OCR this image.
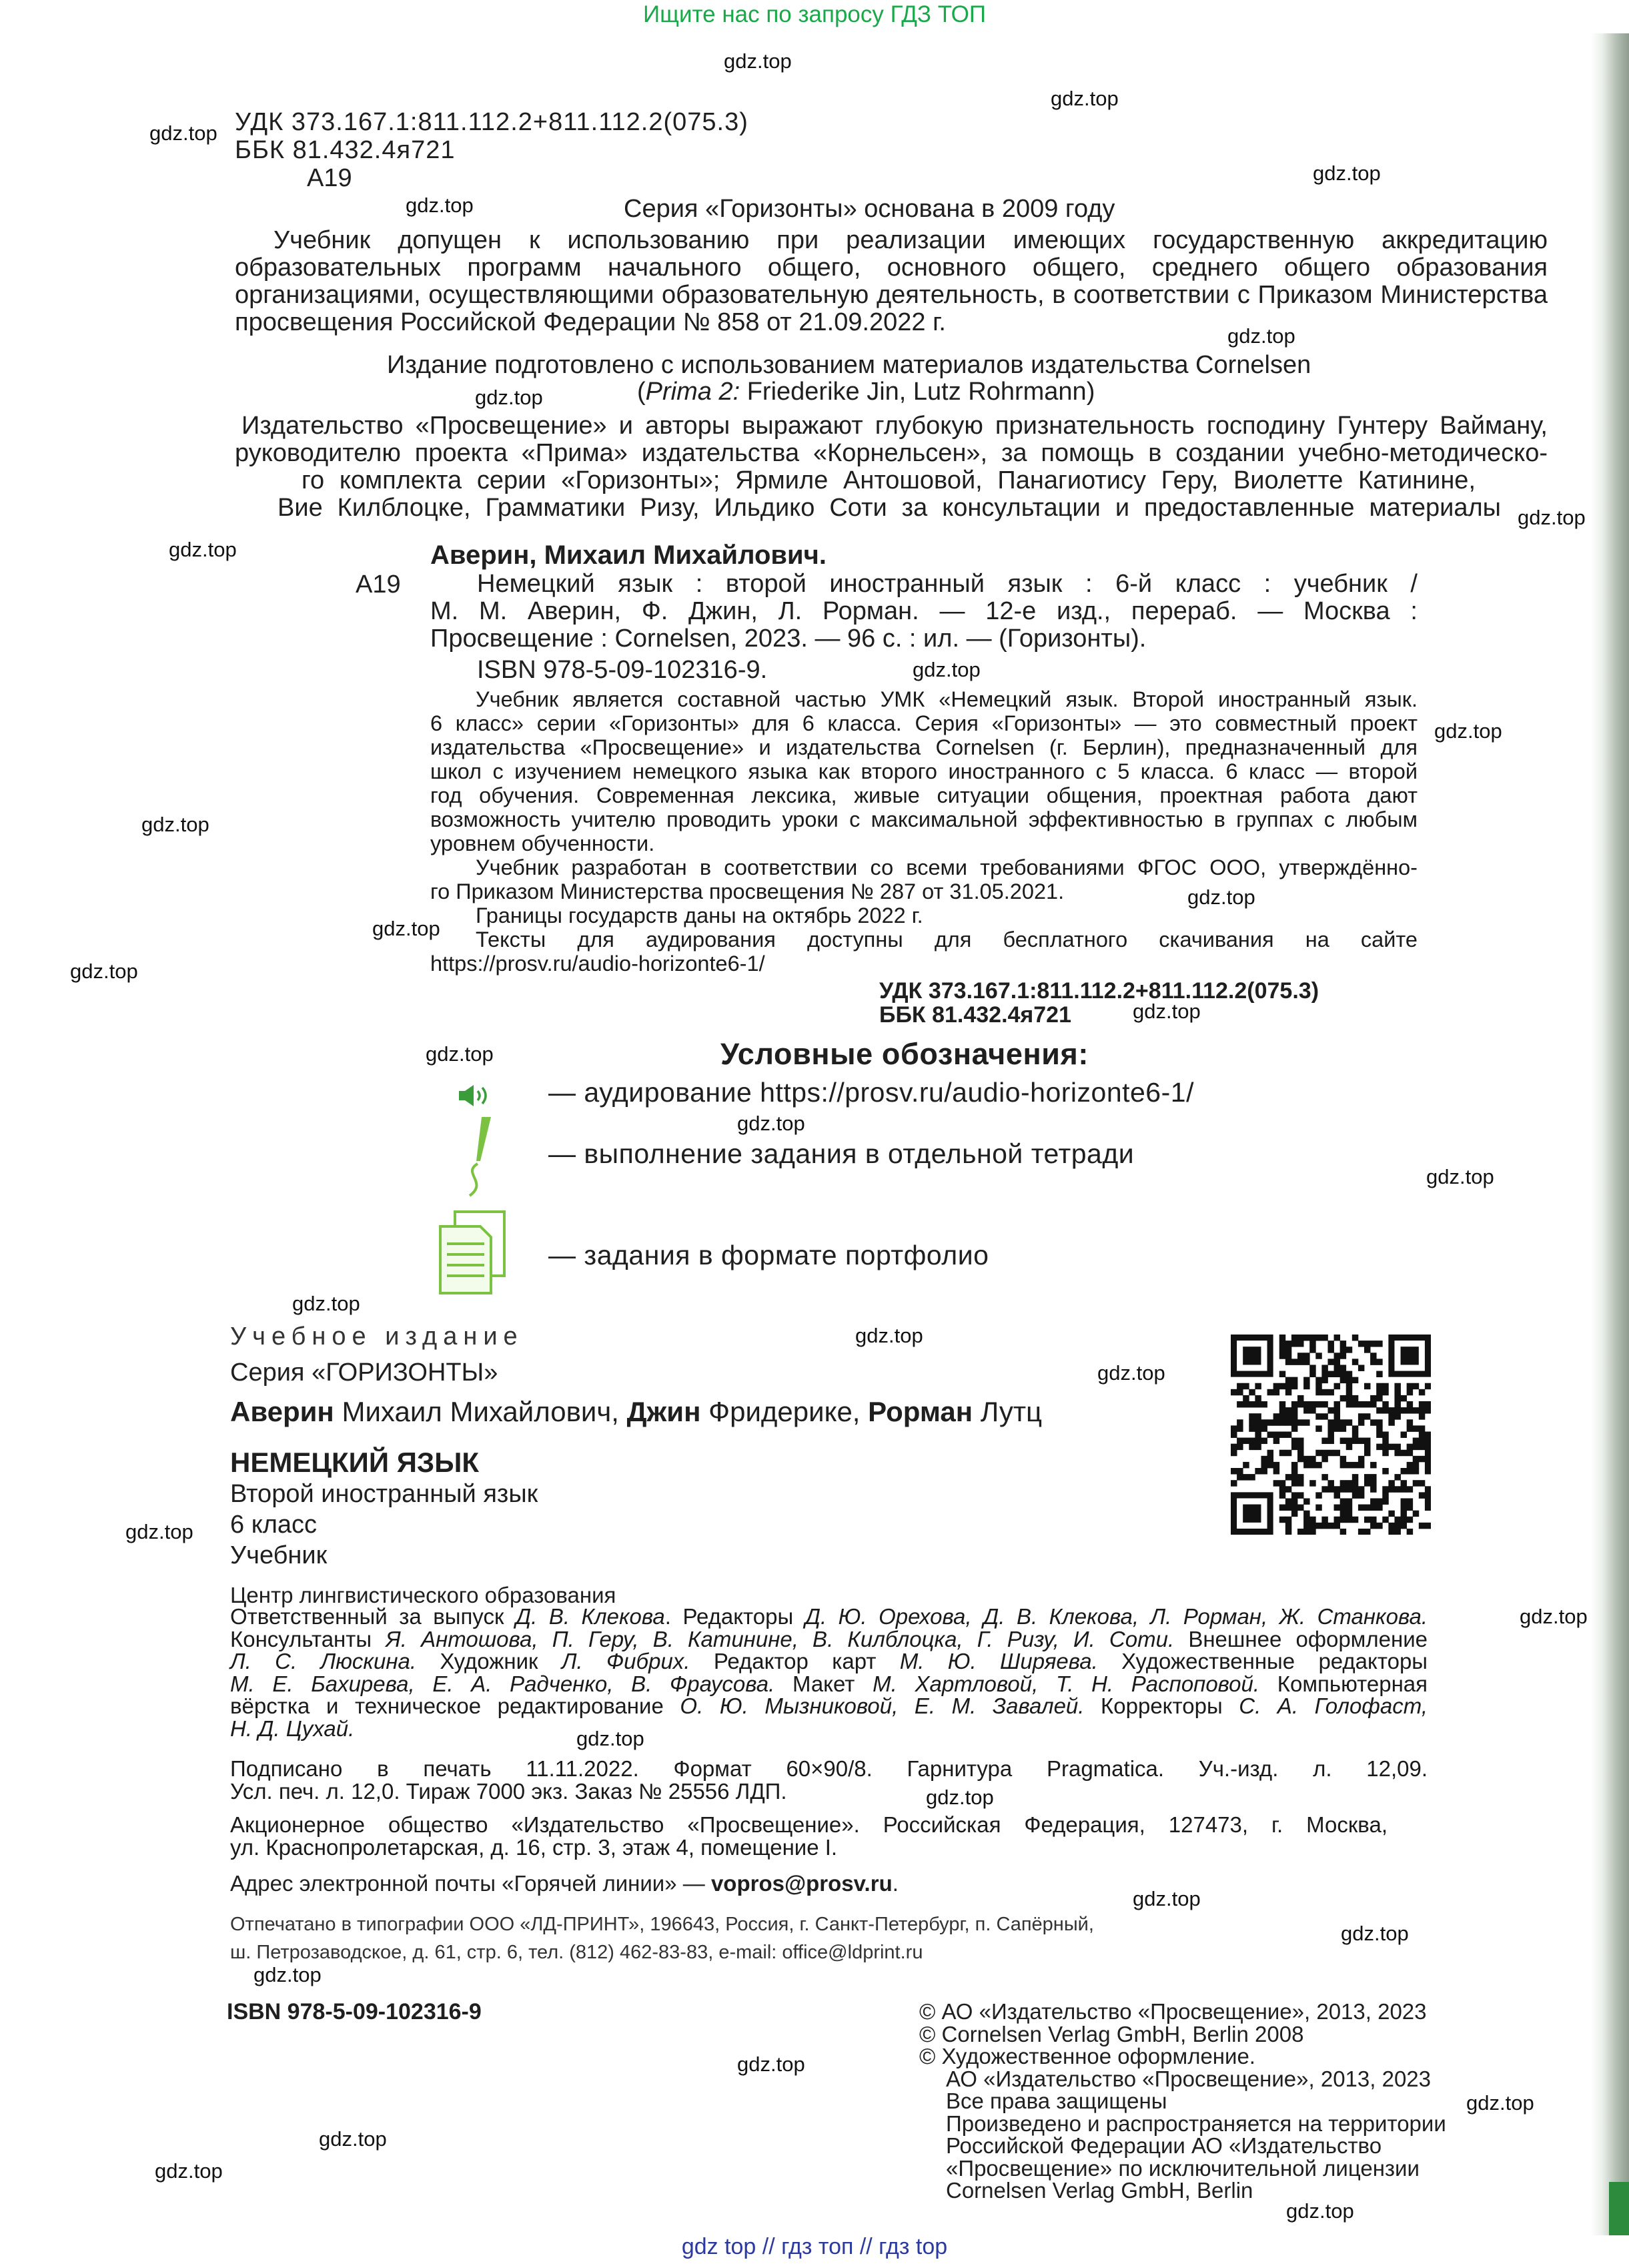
Ищите нас по запросу ГДЗ ТОП
gdz.top
gdz.top
gdz.top
gdz.top
gdz.top
gdz.top
gdz.top
gdz.top
gdz.top
gdz.top
gdz.top
gdz.top
gdz.top
gdz.top
gdz.top
gdz.top
gdz.top
gdz.top
gdz.top
gdz.top
gdz.top
gdz.top
gdz.top
gdz.top
gdz.top
gdz.top
gdz.top
gdz.top
gdz.top
gdz.top
gdz.top
gdz.top
gdz.top
gdz.top
УДК 373.167.1:811.112.2+811.112.2(075.3)
ББК 81.432.4я721
А19
Серия «Горизонты» основана в 2009 году
Учебник допущен к использованию при реализации имеющих государственную аккредитацию
образовательных программ начального общего, основного общего, среднего общего образования
организациями, осуществляющими образовательную деятельность, в соответствии с Приказом Министерства
просвещения Российской Федерации № 858 от 21.09.2022 г.
Издание подготовлено с использованием материалов издательства Cornelsen
(Prima 2: Friederike Jin, Lutz Rohrmann)
Издательство «Просвещение» и авторы выражают глубокую признательность господину Гунтеру Вайману,
руководителю проекта «Прима» издательства «Корнельсен», за помощь в создании учебно-методическо-
го комплекта серии «Горизонты»; Ярмиле Антошовой, Панагиотису Геру, Виолетте Катинине,
Вие Килблоцке, Грамматики Ризу, Ильдико Соти за консультации и предоставленные материалы
Аверин, Михаил Михайлович.
А19	Немецкий язык : второй иностранный язык : 6-й класс : учебник /
М. М. Аверин, Ф. Джин, Л. Рорман. — 12-е изд., перераб. — Москва :
Просвещение : Cornelsen, 2023. — 96 с. : ил. — (Горизонты).
ISBN 978-5-09-102316-9.
Учебник является составной частью УМК «Немецкий язык. Второй иностранный язык.
6 класс» серии «Горизонты» для 6 класса. Серия «Горизонты» — это совместный проект
издательства «Просвещение» и издательства Cornelsen (г. Берлин), предназначенный для
школ с изучением немецкого языка как второго иностранного с 5 класса. 6 класс — второй
год обучения. Современная лексика, живые ситуации общения, проектная работа дают
возможность учителю проводить уроки с максимальной эффективностью в группах с любым
уровнем обученности.
Учебник разработан в соответствии со всеми требованиями ФГОС ООО, утверждённо-
го Приказом Министерства просвещения № 287 от 31.05.2021.
Границы государств даны на октябрь 2022 г.
Тексты для аудирования доступны для бесплатного скачивания на сайте
https://prosv.ru/audio-horizonte6-1/
УДК 373.167.1:811.112.2+811.112.2(075.3)
ББК 81.432.4я721
Условные обозначения:
— аудирование https://prosv.ru/audio-horizonte6-1/
— выполнение задания в отдельной тетради
— задания в формате портфолио
Учебное издание
Серия «ГОРИЗОНТЫ»
Аверин Михаил Михайлович, Джин Фридерике, Рорман Лутц
НЕМЕЦКИЙ ЯЗЫК
Второй иностранный язык
6 класс
Учебник
Центр лингвистического образования
Ответственный за выпуск Д. В. Клекова. Редакторы Д. Ю. Орехова, Д. В. Клекова, Л. Рорман, Ж. Станкова.
Консультанты Я. Антошова, П. Геру, В. Катинине, В. Килблоцка, Г. Ризу, И. Соти. Внешнее оформление
Л. С. Люскина. Художник Л. Фибрих. Редактор карт М. Ю. Ширяева. Художественные редакторы
М. Е. Бахирева, Е. А. Радченко, В. Фраусова. Макет М. Хартловой, Т. Н. Распоповой. Компьютерная
вёрстка и техническое редактирование О. Ю. Мызниковой, Е. М. Завалей. Корректоры С. А. Голофаст,
Н. Д. Цухай.
Подписано в печать 11.11.2022. Формат 60×90/8. Гарнитура Pragmatica. Уч.-изд. л. 12,09.
Усл. печ. л. 12,0. Тираж 7000 экз. Заказ № 25556 ЛДП.
Акционерное общество «Издательство «Просвещение». Российская Федерация, 127473, г. Москва,
ул. Краснопролетарская, д. 16, стр. 3, этаж 4, помещение I.
Адрес электронной почты «Горячей линии» — vopros@prosv.ru.
Отпечатано в типографии ООО «ЛД-ПРИНТ», 196643, Россия, г. Санкт-Петербург, п. Сапёрный,
ш. Петрозаводское, д. 61, стр. 6, тел. (812) 462-83-83, e-mail: office@ldprint.ru
ISBN 978-5-09-102316-9	© АО «Издательство «Просвещение», 2013, 2023
© Cornelsen Verlag GmbH, Berlin 2008
© Художественное оформление.
АО «Издательство «Просвещение», 2013, 2023
Все права защищены
Произведено и распространяется на территории
Российской Федерации АО «Издательство
«Просвещение» по исключительной лицензии
Cornelsen Verlag GmbH, Berlin
gdz top // гдз топ // гдз top
